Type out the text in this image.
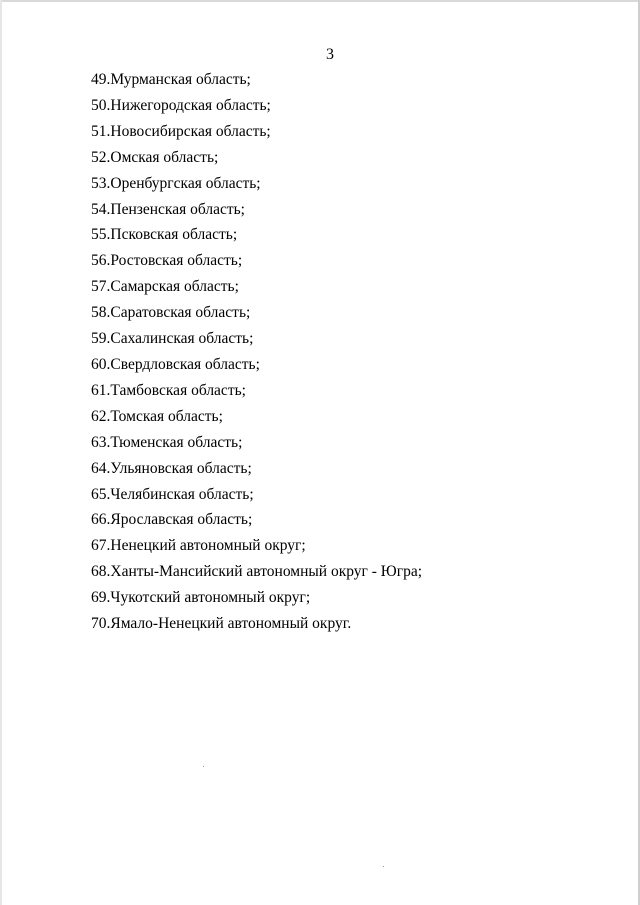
3
49.Мурманская область;
50.Нижегородская область;
51.Новосибирская область;
52.Омская область;
53.Оренбургская область;
54.Пензенская область;
55.Псковская область;
56.Ростовская область;
57.Самарская область;
58.Саратовская область;
59.Сахалинская область;
60.Свердловская область;
61.Тамбовская область;
62.Томская область;
63.Тюменская область;
64.Ульяновская область;
65.Челябинская область;
66.Ярославская область;
67.Ненецкий автономный округ;
68.Ханты-Мансийский автономный округ - Югра;
69.Чукотский автономный округ;
70.Ямало-Ненецкий автономный округ.
